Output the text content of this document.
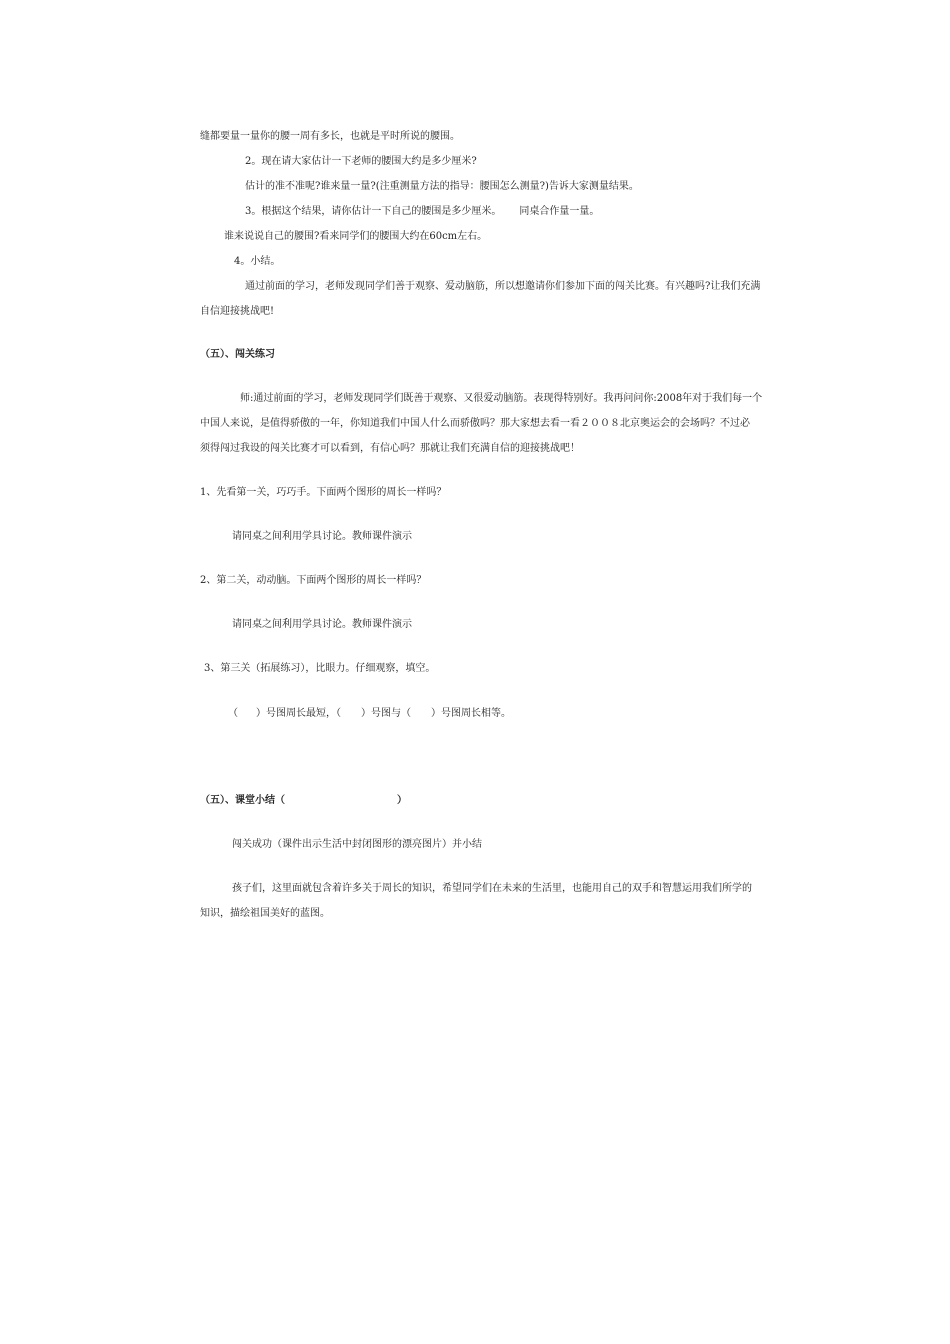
缝都要量一量你的腰一周有多长，也就是平时所说的腰围。
2。现在请大家估计一下老师的腰围大约是多少厘米?
估计的准不准呢?谁来量一量?(注重测量方法的指导：腰围怎么测量?)告诉大家测量结果。
3。根据这个结果，请你估计一下自己的腰围是多少厘米。 同桌合作量一量。
谁来说说自己的腰围?看来同学们的腰围大约在60cm左右。
4。小结。
通过前面的学习，老师发现同学们善于观察、爱动脑筋，所以想邀请你们参加下面的闯关比赛。有兴趣吗?让我们充满
自信迎接挑战吧!
（五）、闯关练习
师:通过前面的学习，老师发现同学们既善于观察、又很爱动脑筋。表现得特别好。我再问问你:2008年对于我们每一个
中国人来说，是值得骄傲的一年，你知道我们中国人什么而骄傲吗？那大家想去看一看２００８北京奥运会的会场吗？不过必
须得闯过我设的闯关比赛才可以看到，有信心吗？那就让我们充满自信的迎接挑战吧！
1、先看第一关，巧巧手。下面两个图形的周长一样吗？
请同桌之间利用学具讨论。教师课件演示
2、第二关，动动脑。下面两个图形的周长一样吗？
请同桌之间利用学具讨论。教师课件演示
3、第三关（拓展练习），比眼力。仔细观察，填空。
（ ）号图周长最短，（ ）号图与（ ）号图周长相等。
（五）、课堂小结（	）
闯关成功（课件出示生活中封闭图形的漂亮图片）并小结
孩子们，这里面就包含着许多关于周长的知识，希望同学们在未来的生活里，也能用自己的双手和智慧运用我们所学的
知识，描绘祖国美好的蓝图。
